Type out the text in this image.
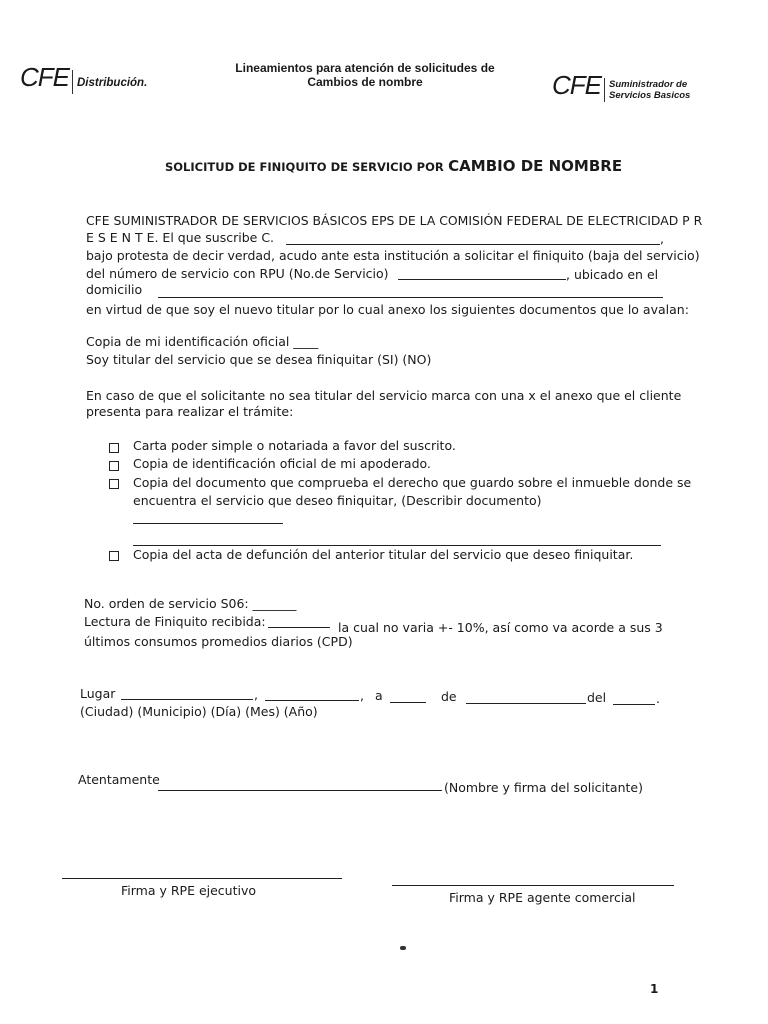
CFE Distribución.
Lineamientos para atención de solicitudes de
Cambios de nombre	CFE Suministrador de
Servicios Basicos
SOLICITUD DE FINIQUITO DE SERVICIO POR CAMBIO DE NOMBRE
CFE SUMINISTRADOR DE SERVICIOS BÁSICOS EPS DE LA COMISIÓN FEDERAL DE ELECTRICIDAD P R
E S E N T E. El que suscribe C.	,
bajo protesta de decir verdad, acudo ante esta institución a solicitar el finiquito (baja del servicio)
del número de servicio con RPU (No.de Servicio)	, ubicado en el
domicilio
en virtud de que soy el nuevo titular por lo cual anexo los siguientes documentos que lo avalan:
Copia de mi identificación oficial ____
Soy titular del servicio que se desea finiquitar (SI) (NO)
En caso de que el solicitante no sea titular del servicio marca con una x el anexo que el cliente
presenta para realizar el trámite:
Carta poder simple o notariada a favor del suscrito.
Copia de identificación oficial de mi apoderado.
Copia del documento que comprueba el derecho que guardo sobre el inmueble donde se
encuentra el servicio que deseo finiquitar, (Describir documento)
Copia del acta de defunción del anterior titular del servicio que deseo finiquitar.
No. orden de servicio S06: _______
Lectura de Finiquito recibida:	la cual no varia +- 10%, así como va acorde a sus 3
últimos consumos promedios diarios (CPD)
Lugar	,	, a	de	del	.
(Ciudad) (Municipio) (Día) (Mes) (Año)
Atentamente
(Nombre y firma del solicitante)
Firma y RPE ejecutivo	Firma y RPE agente comercial
1
